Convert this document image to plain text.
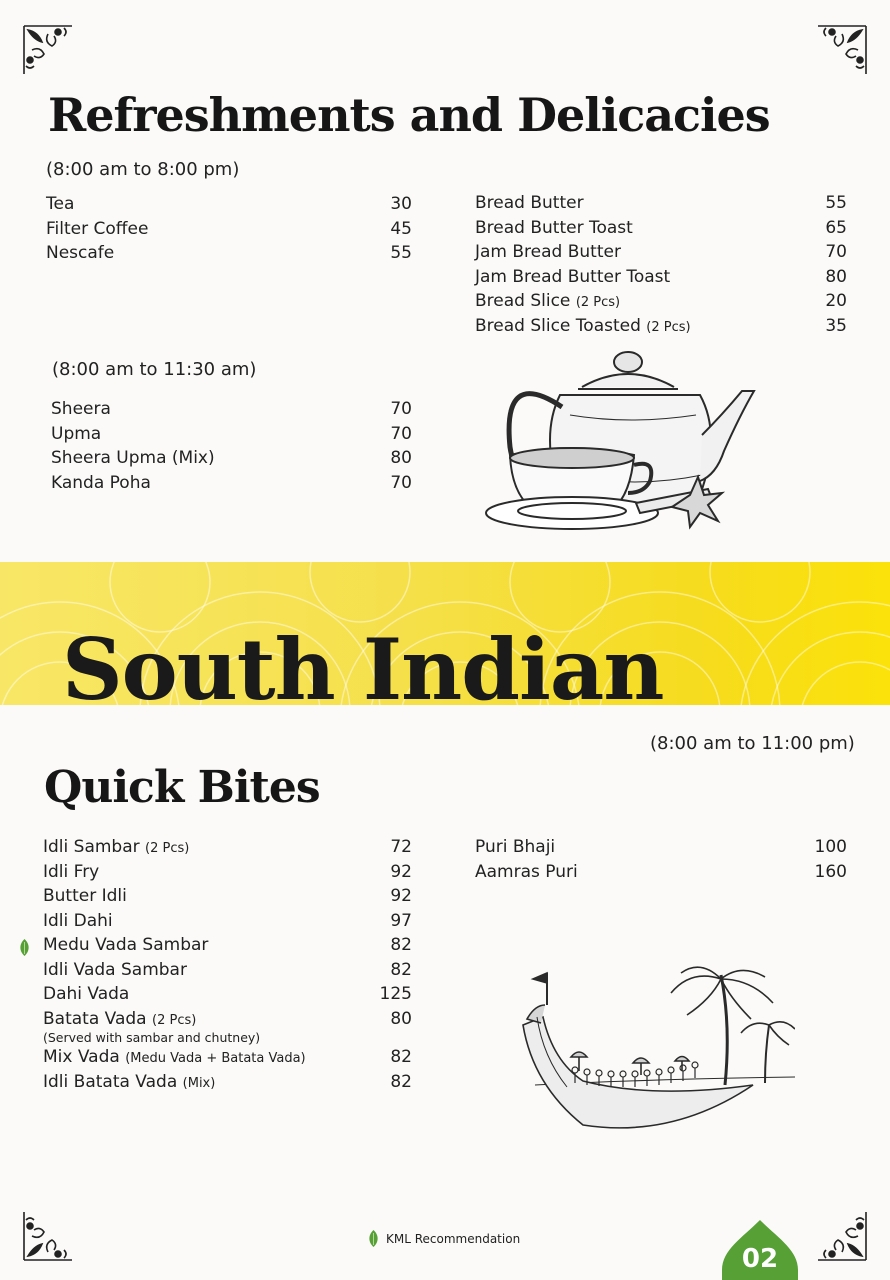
Refreshments and Delicacies
(8:00 am to 8:00 pm)
Tea	30
Filter Coffee	45
Nescafe	55
Bread Butter	55
Bread Butter Toast	65
Jam Bread Butter	70
Jam Bread Butter Toast	80
Bread Slice (2 Pcs)	20
Bread Slice Toasted (2 Pcs)	35
(8:00 am to 11:30 am)
Sheera	70
Upma	70
Sheera Upma (Mix)	80
Kanda Poha	70
South Indian
(8:00 am to 11:00 pm)
Quick Bites
Idli Sambar (2 Pcs)	72
Idli Fry	92
Butter Idli	92
Idli Dahi	97
Medu Vada Sambar	82
Idli Vada Sambar	82
Dahi Vada	125
Batata Vada (2 Pcs)	80
(Served with sambar and chutney)
Mix Vada (Medu Vada + Batata Vada)	82
Idli Batata Vada (Mix)	82
Puri Bhaji	100
Aamras Puri	160
KML Recommendation
02
